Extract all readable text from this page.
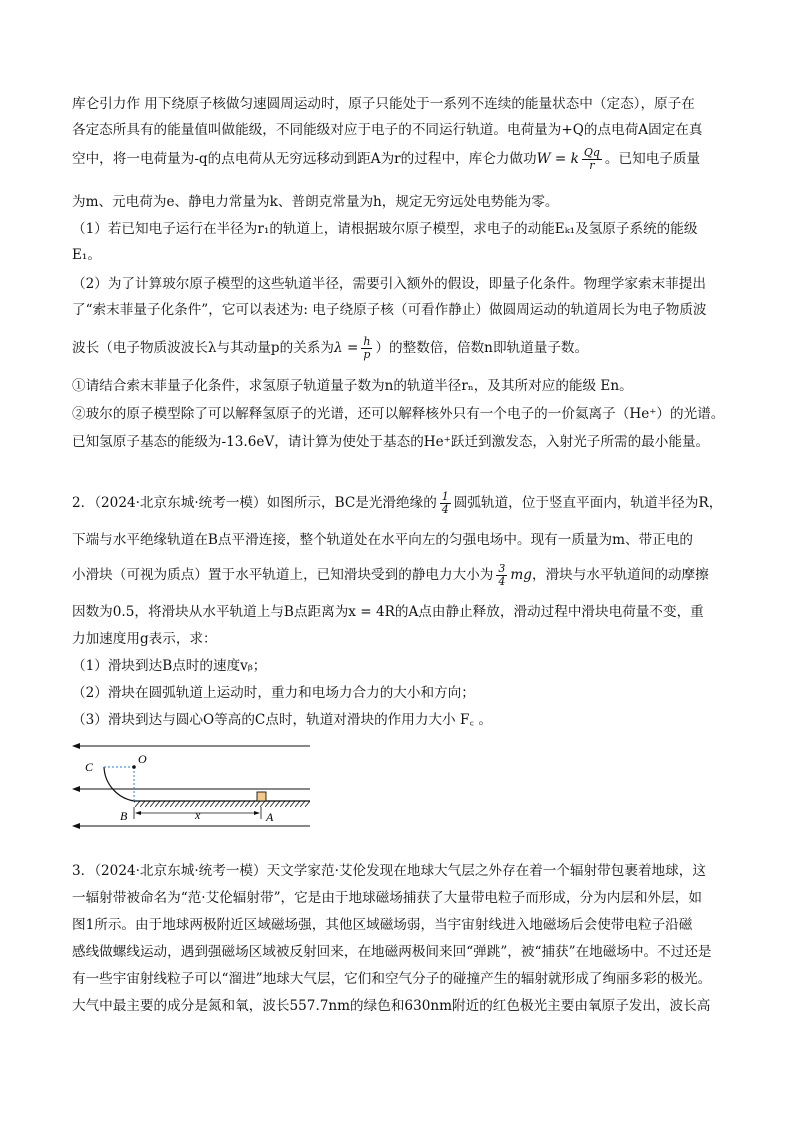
库仑引力作 用下绕原子核做匀速圆周运动时，原子只能处于一系列不连续的能量状态中（定态），原子在
各定态所具有的能量值叫做能级，不同能级对应于电子的不同运行轨道。电荷量为+Q的点电荷A固定在真
空中，将一电荷量为-q的点电荷从无穷远移动到距A为r的过程中，库仑力做功W = k $\frac{Qq}{r}$ 。已知电子质量
为m、元电荷为e、静电力常量为k、普朗克常量为h，规定无穷远处电势能为零。
（1）若已知电子运行在半径为r₁的轨道上，请根据玻尔原子模型，求电子的动能Eₖ₁及氢原子系统的能级
E₁。
（2）为了计算玻尔原子模型的这些轨道半径，需要引入额外的假设，即量子化条件。物理学家索末菲提出
了“索末菲量子化条件”，它可以表述为: 电子绕原子核（可看作静止）做圆周运动的轨道周长为电子物质波
波长（电子物质波波长λ与其动量p的关系为$\lambda = \frac{h}{p}$ ）的整数倍，倍数n即轨道量子数。
①请结合索末菲量子化条件，求氢原子轨道量子数为n的轨道半径rₙ，及其所对应的能级 En。
②玻尔的原子模型除了可以解释氢原子的光谱，还可以解释核外只有一个电子的一价氦离子（He⁺）的光谱。
已知氢原子基态的能级为-13.6eV，请计算为使处于基态的He⁺跃迁到激发态，入射光子所需的最小能量。
2．（2024·北京东城·统考一模）如图所示，BC是光滑绝缘的 $\frac{1}{4}$ 圆弧轨道，位于竖直平面内，轨道半径为R，
下端与水平绝缘轨道在B点平滑连接，整个轨道处在水平向左的匀强电场中。现有一质量为m、带正电的
小滑块（可视为质点）置于水平轨道上，已知滑块受到的静电力大小为 $\frac{3}{4}$ mg，滑块与水平轨道间的动摩擦
因数为0.5，将滑块从水平轨道上与B点距离为x = 4R的A点由静止释放，滑动过程中滑块电荷量不变，重
力加速度用g表示，求：
（1）滑块到达B点时的速度vᵦ；
（2）滑块在圆弧轨道上运动时，重力和电场力合力的大小和方向；
（3）滑块到达与圆心O等高的C点时，轨道对滑块的作用力大小 F꜀ 。
C
O
B	A
x
3．（2024·北京东城·统考一模）天文学家范·艾伦发现在地球大气层之外存在着一个辐射带包裹着地球，这
一辐射带被命名为“范·艾伦辐射带”，它是由于地球磁场捕获了大量带电粒子而形成，分为内层和外层，如
图1所示。由于地球两极附近区域磁场强，其他区域磁场弱，当宇宙射线进入地磁场后会使带电粒子沿磁
感线做螺线运动，遇到强磁场区域被反射回来，在地磁两极间来回“弹跳”，被“捕获”在地磁场中。不过还是
有一些宇宙射线粒子可以“溜进”地球大气层，它们和空气分子的碰撞产生的辐射就形成了绚丽多彩的极光。
大气中最主要的成分是氮和氧，波长557.7nm的绿色和630nm附近的红色极光主要由氧原子发出，波长高
